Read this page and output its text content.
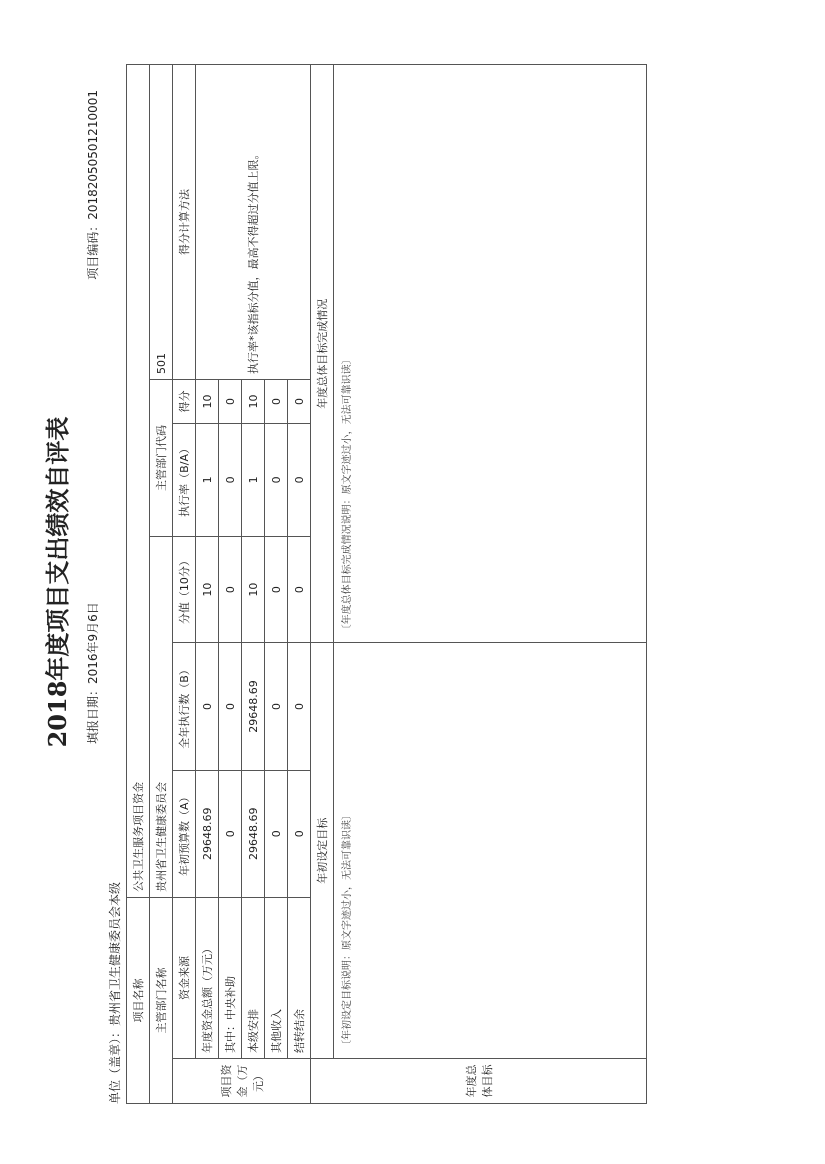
2018年度项目支出绩效自评表 填报日期：2016年9月6日
项目编码：20182050501210001
单位（盖章）：贵州省卫生健康委员会本级 项目名称		公共卫生服务项目资金					
主管部门名称		贵州省卫生健康委员会			主管部门代码		501
项目资金（万元）	资金来源	年初预算数（A）	全年执行数（B）	分值（10分）	执行率（B/A）	得分	得分计算方法
	年度资金总额（万元）	29648.69	0	10	1	10	执行率*该指标分值，最高不得超过分值上限。
	其中：中央补助	0	0	0	0	0	
	本级安排	29648.69	29648.69	10	1	10	
	其他收入	0	0	0	0	0	
	结转结余	0	0	0	0	0	
年度总体目标	年初设定目标			年度总体目标完成情况			
	〔年初设定目标说明：原文字迹过小，无法可靠识读〕			〔年度总体目标完成情况说明：原文字迹过小，无法可靠识读〕			
